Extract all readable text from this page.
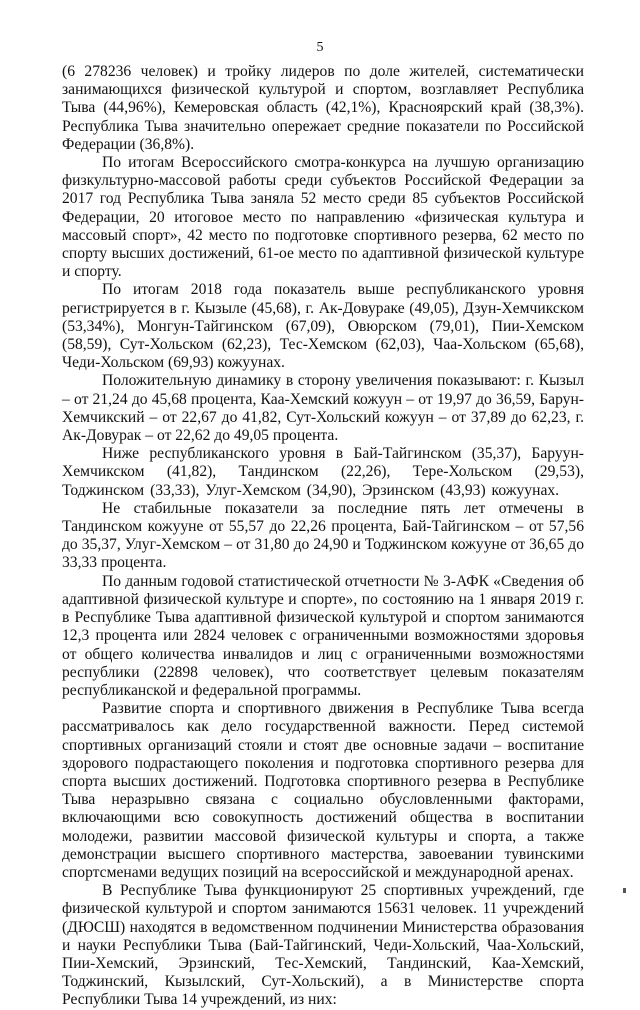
5

(6 278236 человек) и тройку лидеров по доле жителей, систематически занимающихся физической культурой и спортом, возглавляет Республика Тыва (44,96%), Кемеровская область (42,1%), Красноярский край (38,3%). Республика Тыва значительно опережает средние показатели по Российской Федерации (36,8%).

По итогам Всероссийского смотра-конкурса на лучшую организацию физкультурно-массовой работы среди субъектов Российской Федерации за 2017 год Республика Тыва заняла 52 место среди 85 субъектов Российской Федерации, 20 итоговое место по направлению «физическая культура и массовый спорт», 42 место по подготовке спортивного резерва, 62 место по спорту высших достижений, 61-ое место по адаптивной физической культуре и спорту.

По итогам 2018 года показатель выше республиканского уровня регистрируется в г. Кызыле (45,68), г. Ак-Довураке (49,05), Дзун-Хемчикском (53,34%), Монгун-Тайгинском (67,09), Овюрском (79,01), Пии-Хемском (58,59), Сут-Хольском (62,23), Тес-Хемском (62,03), Чаа-Хольском (65,68), Чеди-Хольском (69,93) кожуунах.

Положительную динамику в сторону увеличения показывают: г. Кызыл – от 21,24 до 45,68 процента, Каа-Хемский кожуун – от 19,97 до 36,59, Барун-Хемчикский – от 22,67 до 41,82, Сут-Хольский кожуун – от 37,89 до 62,23, г. Ак-Довурак – от 22,62 до 49,05 процента.

Ниже республиканского уровня в Бай-Тайгинском (35,37), Баруун-Хемчикском (41,82), Тандинском (22,26), Тере-Хольском (29,53), Тоджинском (33,33), Улуг-Хемском (34,90), Эрзинском (43,93) кожуунах.

Не стабильные показатели за последние пять лет отмечены в Тандинском кожууне от 55,57 до 22,26 процента, Бай-Тайгинском – от 57,56 до 35,37, Улуг-Хемском – от 31,80 до 24,90 и Тоджинском кожууне от 36,65 до 33,33 процента.

По данным годовой статистической отчетности № 3-АФК «Сведения об адаптивной физической культуре и спорте», по состоянию на 1 января 2019 г. в Республике Тыва адаптивной физической культурой и спортом занимаются 12,3 процента или 2824 человек с ограниченными возможностями здоровья от общего количества инвалидов и лиц с ограниченными возможностями республики (22898 человек), что соответствует целевым показателям республиканской и федеральной программы.

Развитие спорта и спортивного движения в Республике Тыва всегда рассматривалось как дело государственной важности. Перед системой спортивных организаций стояли и стоят две основные задачи – воспитание здорового подрастающего поколения и подготовка спортивного резерва для спорта высших достижений. Подготовка спортивного резерва в Республике Тыва неразрывно связана с социально обусловленными факторами, включающими всю совокупность достижений общества в воспитании молодежи, развитии массовой физической культуры и спорта, а также демонстрации высшего спортивного мастерства, завоевании тувинскими спортсменами ведущих позиций на всероссийской и международной аренах.

В Республике Тыва функционируют 25 спортивных учреждений, где физической культурой и спортом занимаются 15631 человек. 11 учреждений (ДЮСШ) находятся в ведомственном подчинении Министерства образования и науки Республики Тыва (Бай-Тайгинский, Чеди-Хольский, Чаа-Хольский, Пии-Хемский, Эрзинский, Тес-Хемский, Тандинский, Каа-Хемский, Тоджинский, Кызылский, Сут-Хольский), а в Министерстве спорта Республики Тыва 14 учреждений, из них:
